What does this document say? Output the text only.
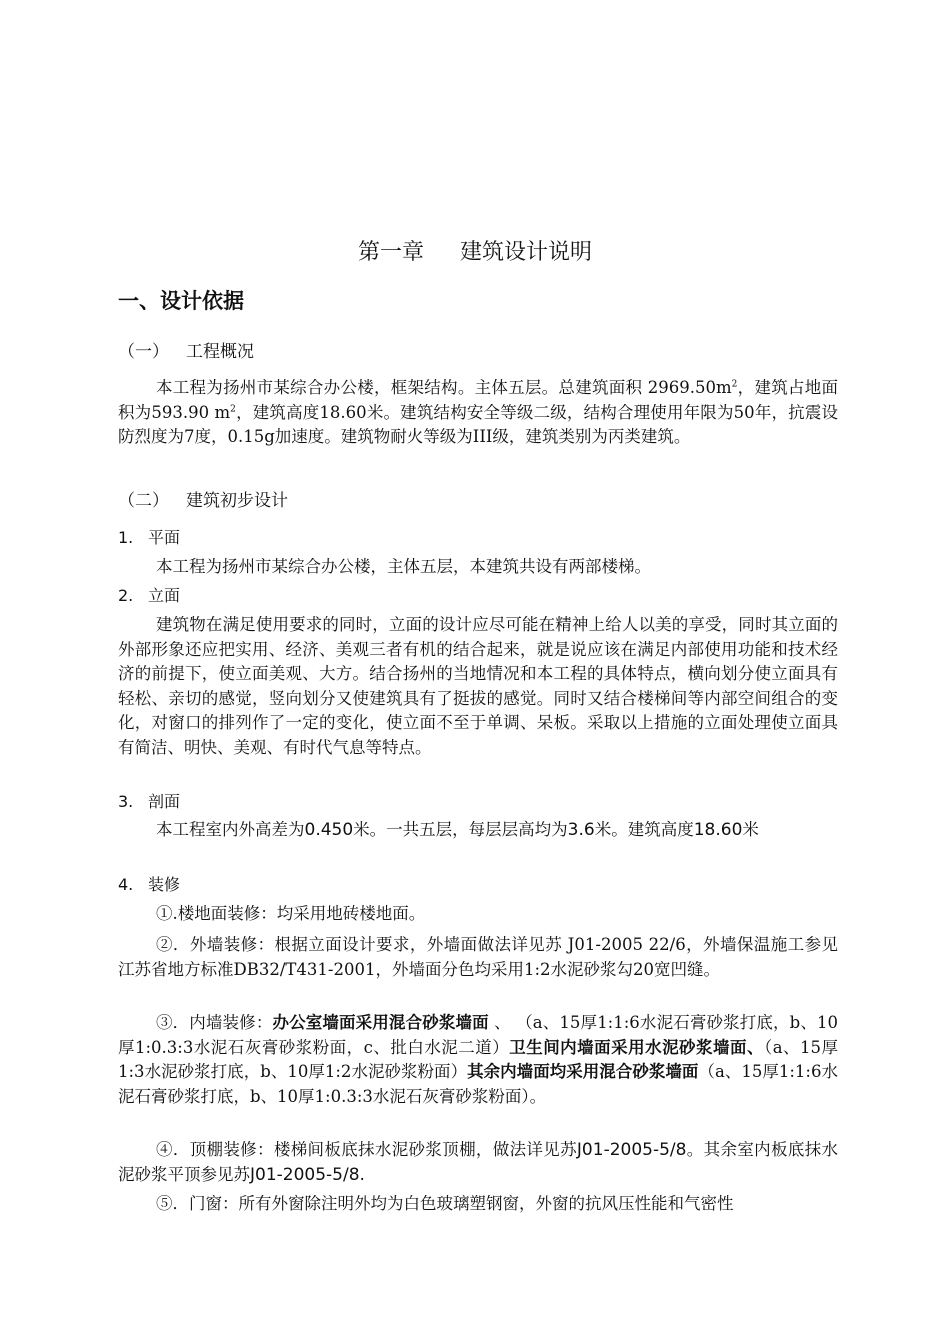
第一章 建筑设计说明
一、设计依据
（一） 工程概况
本工程为扬州市某综合办公楼，框架结构。主体五层。总建筑面积 $2969.50m^2$，建筑占地面积为593.90 $m^2$，建筑高度18.60米。建筑结构安全等级二级，结构合理使用年限为50年，抗震设防烈度为7度，0.15g加速度。建筑物耐火等级为III级，建筑类别为丙类建筑。
（二） 建筑初步设计
1. 平面
本工程为扬州市某综合办公楼，主体五层，本建筑共设有两部楼梯。
2. 立面
建筑物在满足使用要求的同时，立面的设计应尽可能在精神上给人以美的享受，同时其立面的外部形象还应把实用、经济、美观三者有机的结合起来，就是说应该在满足内部使用功能和技术经济的前提下，使立面美观、大方。结合扬州的当地情况和本工程的具体特点，横向划分使立面具有轻松、亲切的感觉，竖向划分又使建筑具有了挺拔的感觉。同时又结合楼梯间等内部空间组合的变化，对窗口的排列作了一定的变化，使立面不至于单调、呆板。采取以上措施的立面处理使立面具有简洁、明快、美观、有时代气息等特点。
3. 剖面
本工程室内外高差为0.450米。一共五层，每层层高均为3.6米。建筑高度18.60米
4. 装修
①.楼地面装修：均采用地砖楼地面。
②．外墙装修：根据立面设计要求，外墙面做法详见苏 J01-2005 22/6，外墙保温施工参见江苏省地方标准DB32/T431-2001，外墙面分色均采用1:2水泥砂浆勾20宽凹缝。
③．内墙装修：办公室墙面采用混合砂浆墙面 、 （a、15厚1:1:6水泥石膏砂浆打底，b、10厚1:0.3:3水泥石灰膏砂浆粉面，c、批白水泥二道）卫生间内墙面采用水泥砂浆墙面、（a、15厚1:3水泥砂浆打底，b、10厚1:2水泥砂浆粉面）其余内墙面均采用混合砂浆墙面（a、15厚1:1:6水泥石膏砂浆打底，b、10厚1:0.3:3水泥石灰膏砂浆粉面）。
④．顶棚装修：楼梯间板底抹水泥砂浆顶棚，做法详见苏J01-2005-5/8。其余室内板底抹水泥砂浆平顶参见苏J01-2005-5/8.
⑤．门窗：所有外窗除注明外均为白色玻璃塑钢窗，外窗的抗风压性能和气密性
